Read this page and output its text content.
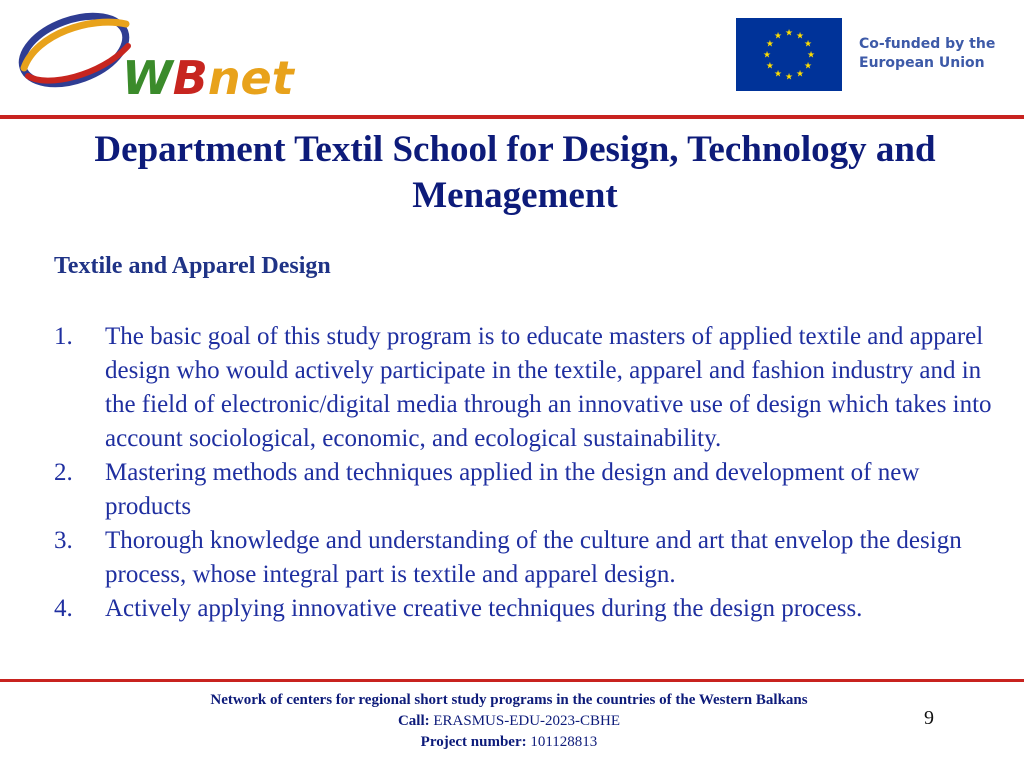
WBnet	★
★
★
★
★
★
★
★
★ ★ ★
★	Co-funded by the
European Union
Department Textil School for Design, Technology and Menagement
Textile and Apparel Design
1. The basic goal of this study program is to educate masters of applied textile and apparel design who would actively participate in the textile, apparel and fashion industry and in the field of electronic/digital media through an innovative use of design which takes into account sociological, economic, and ecological sustainability.
2. Mastering methods and techniques applied in the design and development of new products
3. Thorough knowledge and understanding of the culture and art that envelop the design process, whose integral part is textile and apparel design.
4. Actively applying innovative creative techniques during the design process.
Network of centers for regional short study programs in the countries of the Western Balkans
Call: ERASMUS-EDU-2023-CBHE
Project number: 101128813
9
